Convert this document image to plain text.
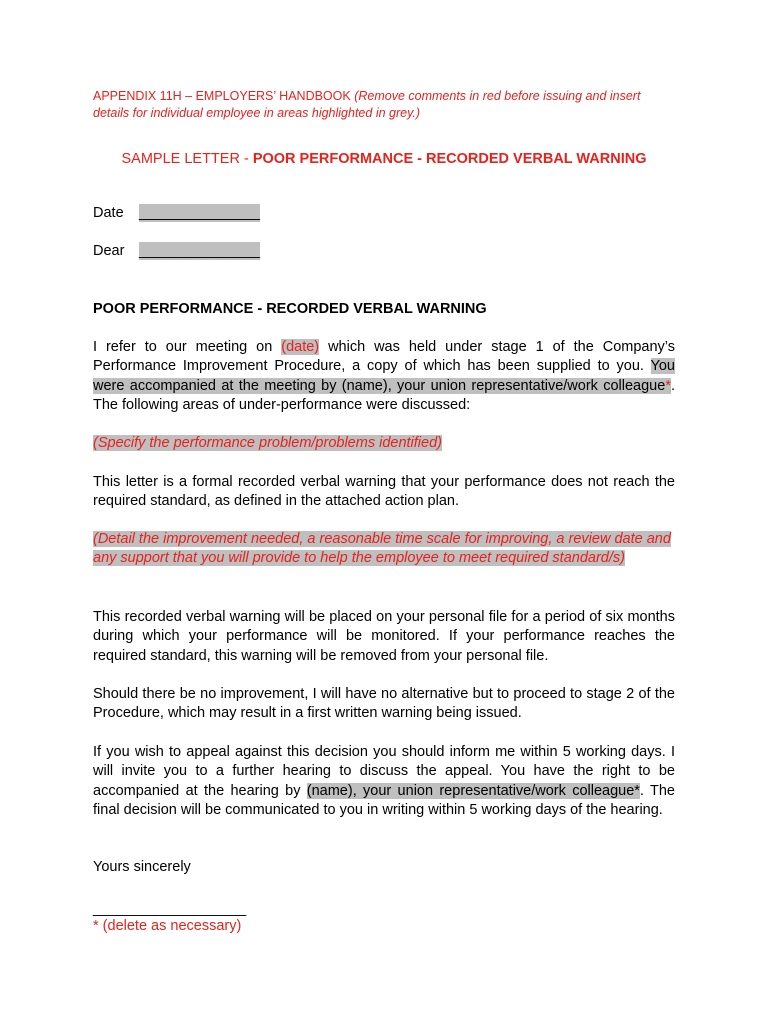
APPENDIX 11H – EMPLOYERS’ HANDBOOK (Remove comments in red before issuing and insert details for individual employee in areas highlighted in grey.)
SAMPLE LETTER - POOR PERFORMANCE - RECORDED VERBAL WARNING
Date _______________
Dear _______________
POOR PERFORMANCE - RECORDED VERBAL WARNING
I refer to our meeting on (date) which was held under stage 1 of the Company’s Performance Improvement Procedure, a copy of which has been supplied to you. You were accompanied at the meeting by (name), your union representative/work colleague*. The following areas of under-performance were discussed:
(Specify the performance problem/problems identified)
This letter is a formal recorded verbal warning that your performance does not reach the required standard, as defined in the attached action plan.
(Detail the improvement needed, a reasonable time scale for improving, a review date and any support that you will provide to help the employee to meet required standard/s)
This recorded verbal warning will be placed on your personal file for a period of six months during which your performance will be monitored. If your performance reaches the required standard, this warning will be removed from your personal file.
Should there be no improvement, I will have no alternative but to proceed to stage 2 of the Procedure, which may result in a first written warning being issued.
If you wish to appeal against this decision you should inform me within 5 working days. I will invite you to a further hearing to discuss the appeal. You have the right to be accompanied at the hearing by (name), your union representative/work colleague*. The final decision will be communicated to you in writing within 5 working days of the hearing.
Yours sincerely
___________________
* (delete as necessary)
